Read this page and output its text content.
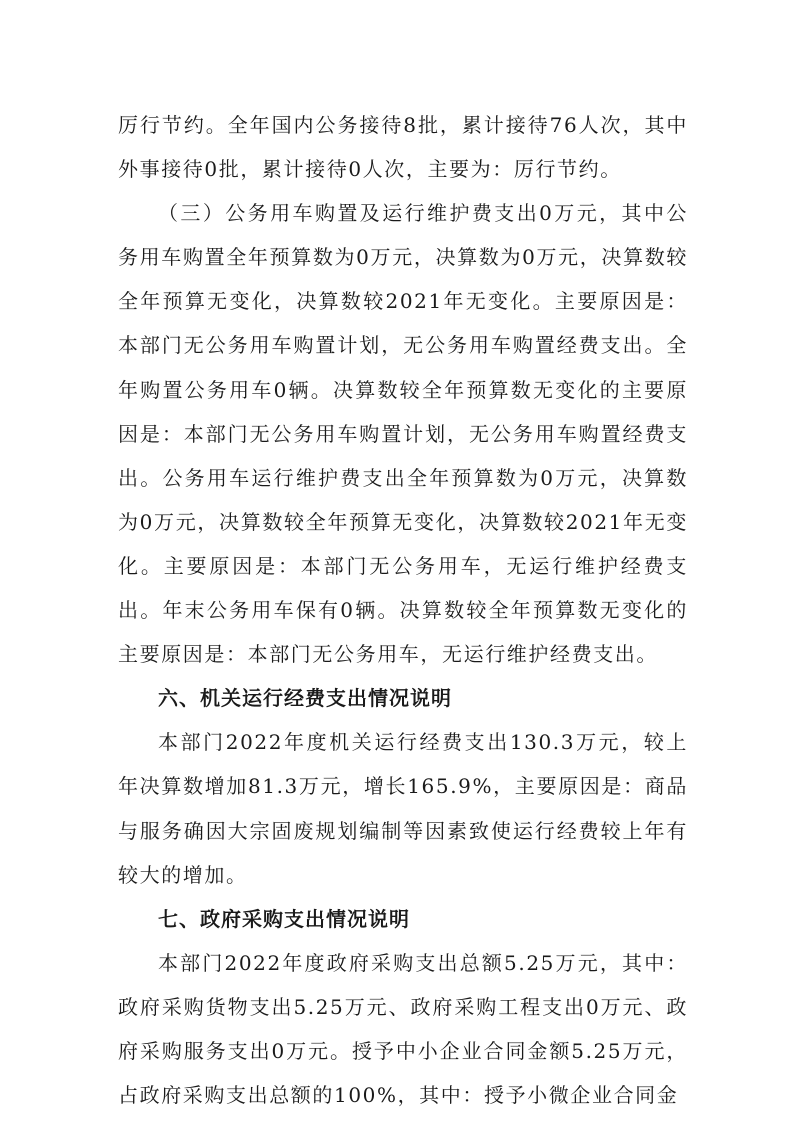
厉行节约。全年国内公务接待8批，累计接待76人次，其中外事接待0批，累计接待0人次，主要为：厉行节约。

（三）公务用车购置及运行维护费支出0万元，其中公务用车购置全年预算数为0万元，决算数为0万元，决算数较全年预算无变化，决算数较2021年无变化。主要原因是：本部门无公务用车购置计划，无公务用车购置经费支出。全年购置公务用车0辆。决算数较全年预算数无变化的主要原因是：本部门无公务用车购置计划，无公务用车购置经费支出。公务用车运行维护费支出全年预算数为0万元，决算数为0万元，决算数较全年预算无变化，决算数较2021年无变化。主要原因是：本部门无公务用车，无运行维护经费支出。年末公务用车保有0辆。决算数较全年预算数无变化的主要原因是：本部门无公务用车，无运行维护经费支出。

六、机关运行经费支出情况说明

本部门2022年度机关运行经费支出130.3万元，较上年决算数增加81.3万元，增长165.9%，主要原因是：商品与服务确因大宗固废规划编制等因素致使运行经费较上年有较大的增加。

七、政府采购支出情况说明

本部门2022年度政府采购支出总额5.25万元，其中：政府采购货物支出5.25万元、政府采购工程支出0万元、政府采购服务支出0万元。授予中小企业合同金额5.25万元，占政府采购支出总额的100%，其中：授予小微企业合同金
